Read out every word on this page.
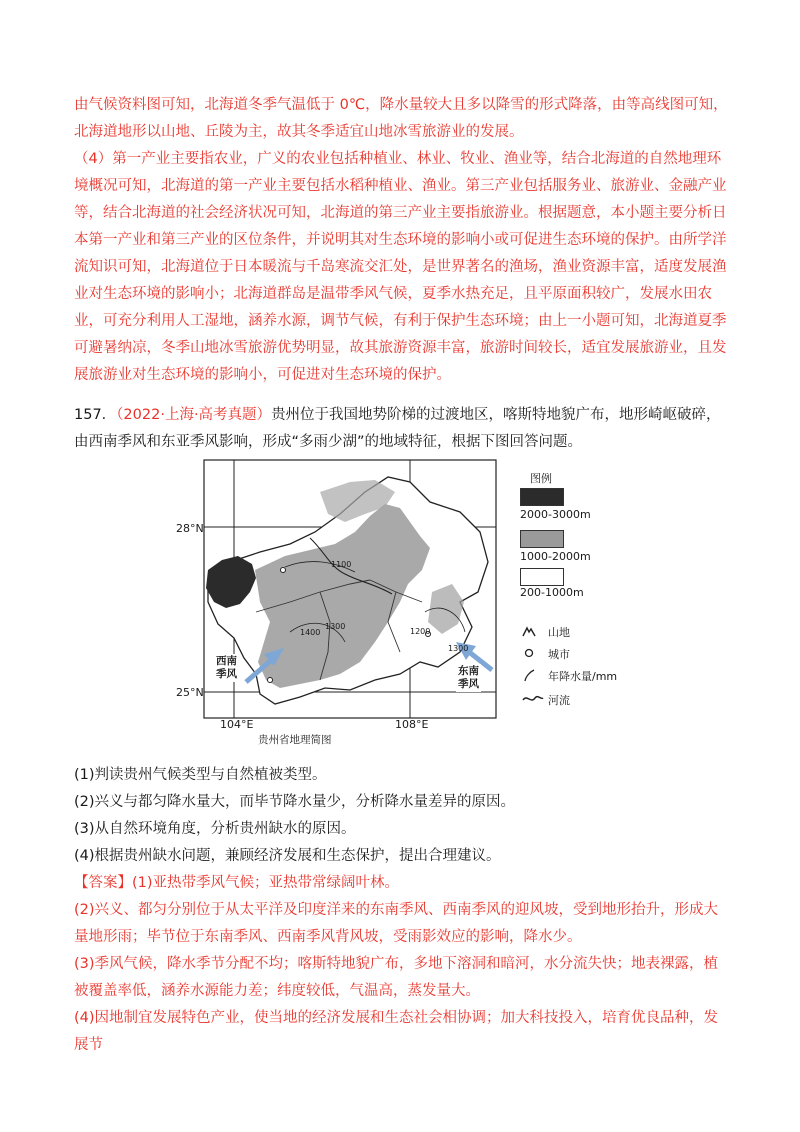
由气候资料图可知，北海道冬季气温低于 0℃，降水量较大且多以降雪的形式降落，由等高线图可知，北海道地形以山地、丘陵为主，故其冬季适宜山地冰雪旅游业的发展。

（4）第一产业主要指农业，广义的农业包括种植业、林业、牧业、渔业等，结合北海道的自然地理环境概况可知，北海道的第一产业主要包括水稻种植业、渔业。第三产业包括服务业、旅游业、金融产业等，结合北海道的社会经济状况可知，北海道的第三产业主要指旅游业。根据题意，本小题主要分析日本第一产业和第三产业的区位条件，并说明其对生态环境的影响小或可促进生态环境的保护。由所学洋流知识可知，北海道位于日本暖流与千岛寒流交汇处，是世界著名的渔场，渔业资源丰富，适度发展渔业对生态环境的影响小；北海道群岛是温带季风气候，夏季水热充足，且平原面积较广，发展水田农业，可充分利用人工湿地，涵养水源，调节气候，有利于保护生态环境；由上一小题可知，北海道夏季可避暑纳凉，冬季山地冰雪旅游优势明显，故其旅游资源丰富，旅游时间较长，适宜发展旅游业，且发展旅游业对生态环境的影响小，可促进对生态环境的保护。

157．（2022·上海·高考真题）贵州位于我国地势阶梯的过渡地区，喀斯特地貌广布，地形崎岖破碎，由西南季风和东亚季风影响，形成“多雨少湖”的地域特征，根据下图回答问题。

1100
1300
1400	1200
1300
西南
季风	东南
季风
28°N
25°N
104°E	108°E
图例
2000-3000m
1000-2000m
200-1000m
山地
城市
年降水量/mm
河流
贵州省地理简图

(1)判读贵州气候类型与自然植被类型。

(2)兴义与都匀降水量大，而毕节降水量少，分析降水量差异的原因。

(3)从自然环境角度，分析贵州缺水的原因。

(4)根据贵州缺水问题，兼顾经济发展和生态保护，提出合理建议。

【答案】(1)亚热带季风气候；亚热带常绿阔叶林。

(2)兴义、都匀分别位于从太平洋及印度洋来的东南季风、西南季风的迎风坡，受到地形抬升，形成大量地形雨；毕节位于东南季风、西南季风背风坡，受雨影效应的影响，降水少。

(3)季风气候，降水季节分配不均；喀斯特地貌广布，多地下溶洞和暗河，水分流失快；地表裸露，植被覆盖率低，涵养水源能力差；纬度较低，气温高，蒸发量大。

(4)因地制宜发展特色产业，使当地的经济发展和生态社会相协调；加大科技投入，培育优良品种，发展节
